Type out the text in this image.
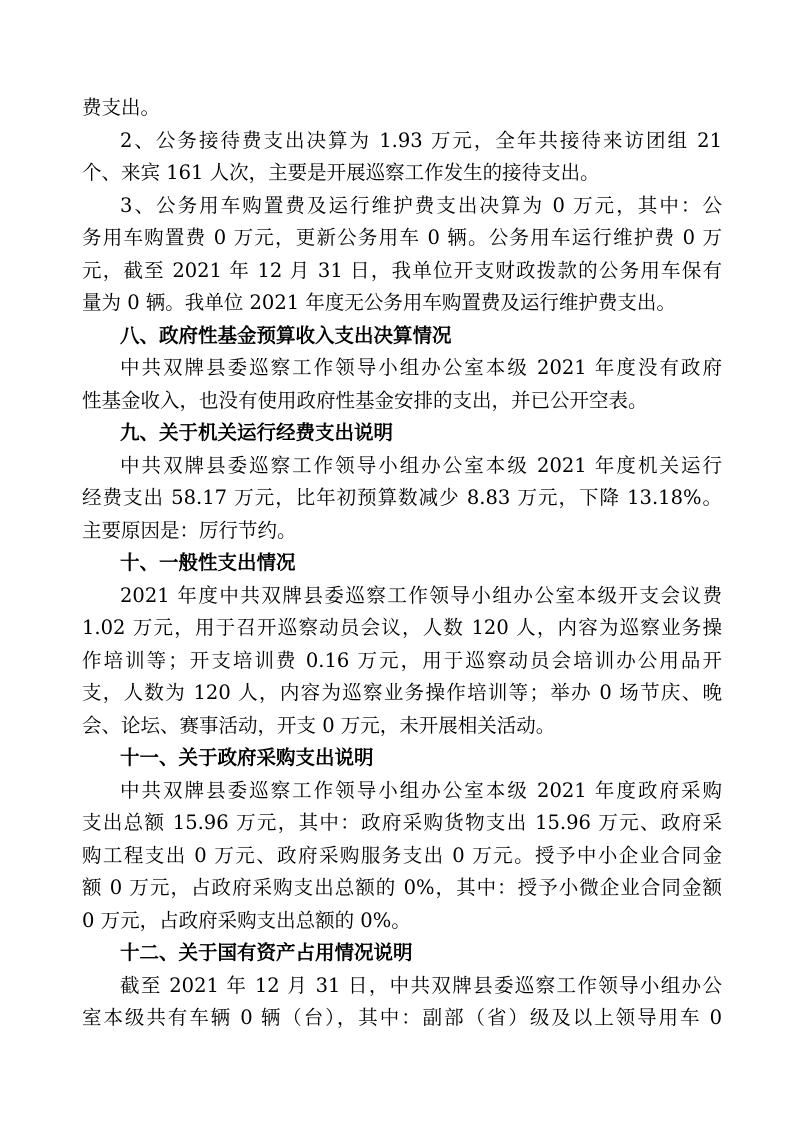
费支出。
2、公务接待费支出决算为 1.93 万元，全年共接待来访团组 21
个、来宾 161 人次，主要是开展巡察工作发生的接待支出。
3、公务用车购置费及运行维护费支出决算为 0 万元，其中：公
务用车购置费 0 万元，更新公务用车 0 辆。公务用车运行维护费 0 万
元，截至 2021 年 12 月 31 日，我单位开支财政拨款的公务用车保有
量为 0 辆。我单位 2021 年度无公务用车购置费及运行维护费支出。
八、政府性基金预算收入支出决算情况
中共双牌县委巡察工作领导小组办公室本级 2021 年度没有政府
性基金收入，也没有使用政府性基金安排的支出，并已公开空表。
九、关于机关运行经费支出说明
中共双牌县委巡察工作领导小组办公室本级 2021 年度机关运行
经费支出 58.17 万元，比年初预算数减少 8.83 万元，下降 13.18%。
主要原因是：厉行节约。
十、一般性支出情况
2021 年度中共双牌县委巡察工作领导小组办公室本级开支会议费
1.02 万元，用于召开巡察动员会议，人数 120 人，内容为巡察业务操
作培训等；开支培训费 0.16 万元，用于巡察动员会培训办公用品开
支，人数为 120 人，内容为巡察业务操作培训等；举办 0 场节庆、晚
会、论坛、赛事活动，开支 0 万元，未开展相关活动。
十一、关于政府采购支出说明
中共双牌县委巡察工作领导小组办公室本级 2021 年度政府采购
支出总额 15.96 万元，其中：政府采购货物支出 15.96 万元、政府采
购工程支出 0 万元、政府采购服务支出 0 万元。授予中小企业合同金
额 0 万元，占政府采购支出总额的 0%，其中：授予小微企业合同金额
0 万元，占政府采购支出总额的 0%。
十二、关于国有资产占用情况说明
截至 2021 年 12 月 31 日，中共双牌县委巡察工作领导小组办公
室本级共有车辆 0 辆（台），其中：副部（省）级及以上领导用车 0
